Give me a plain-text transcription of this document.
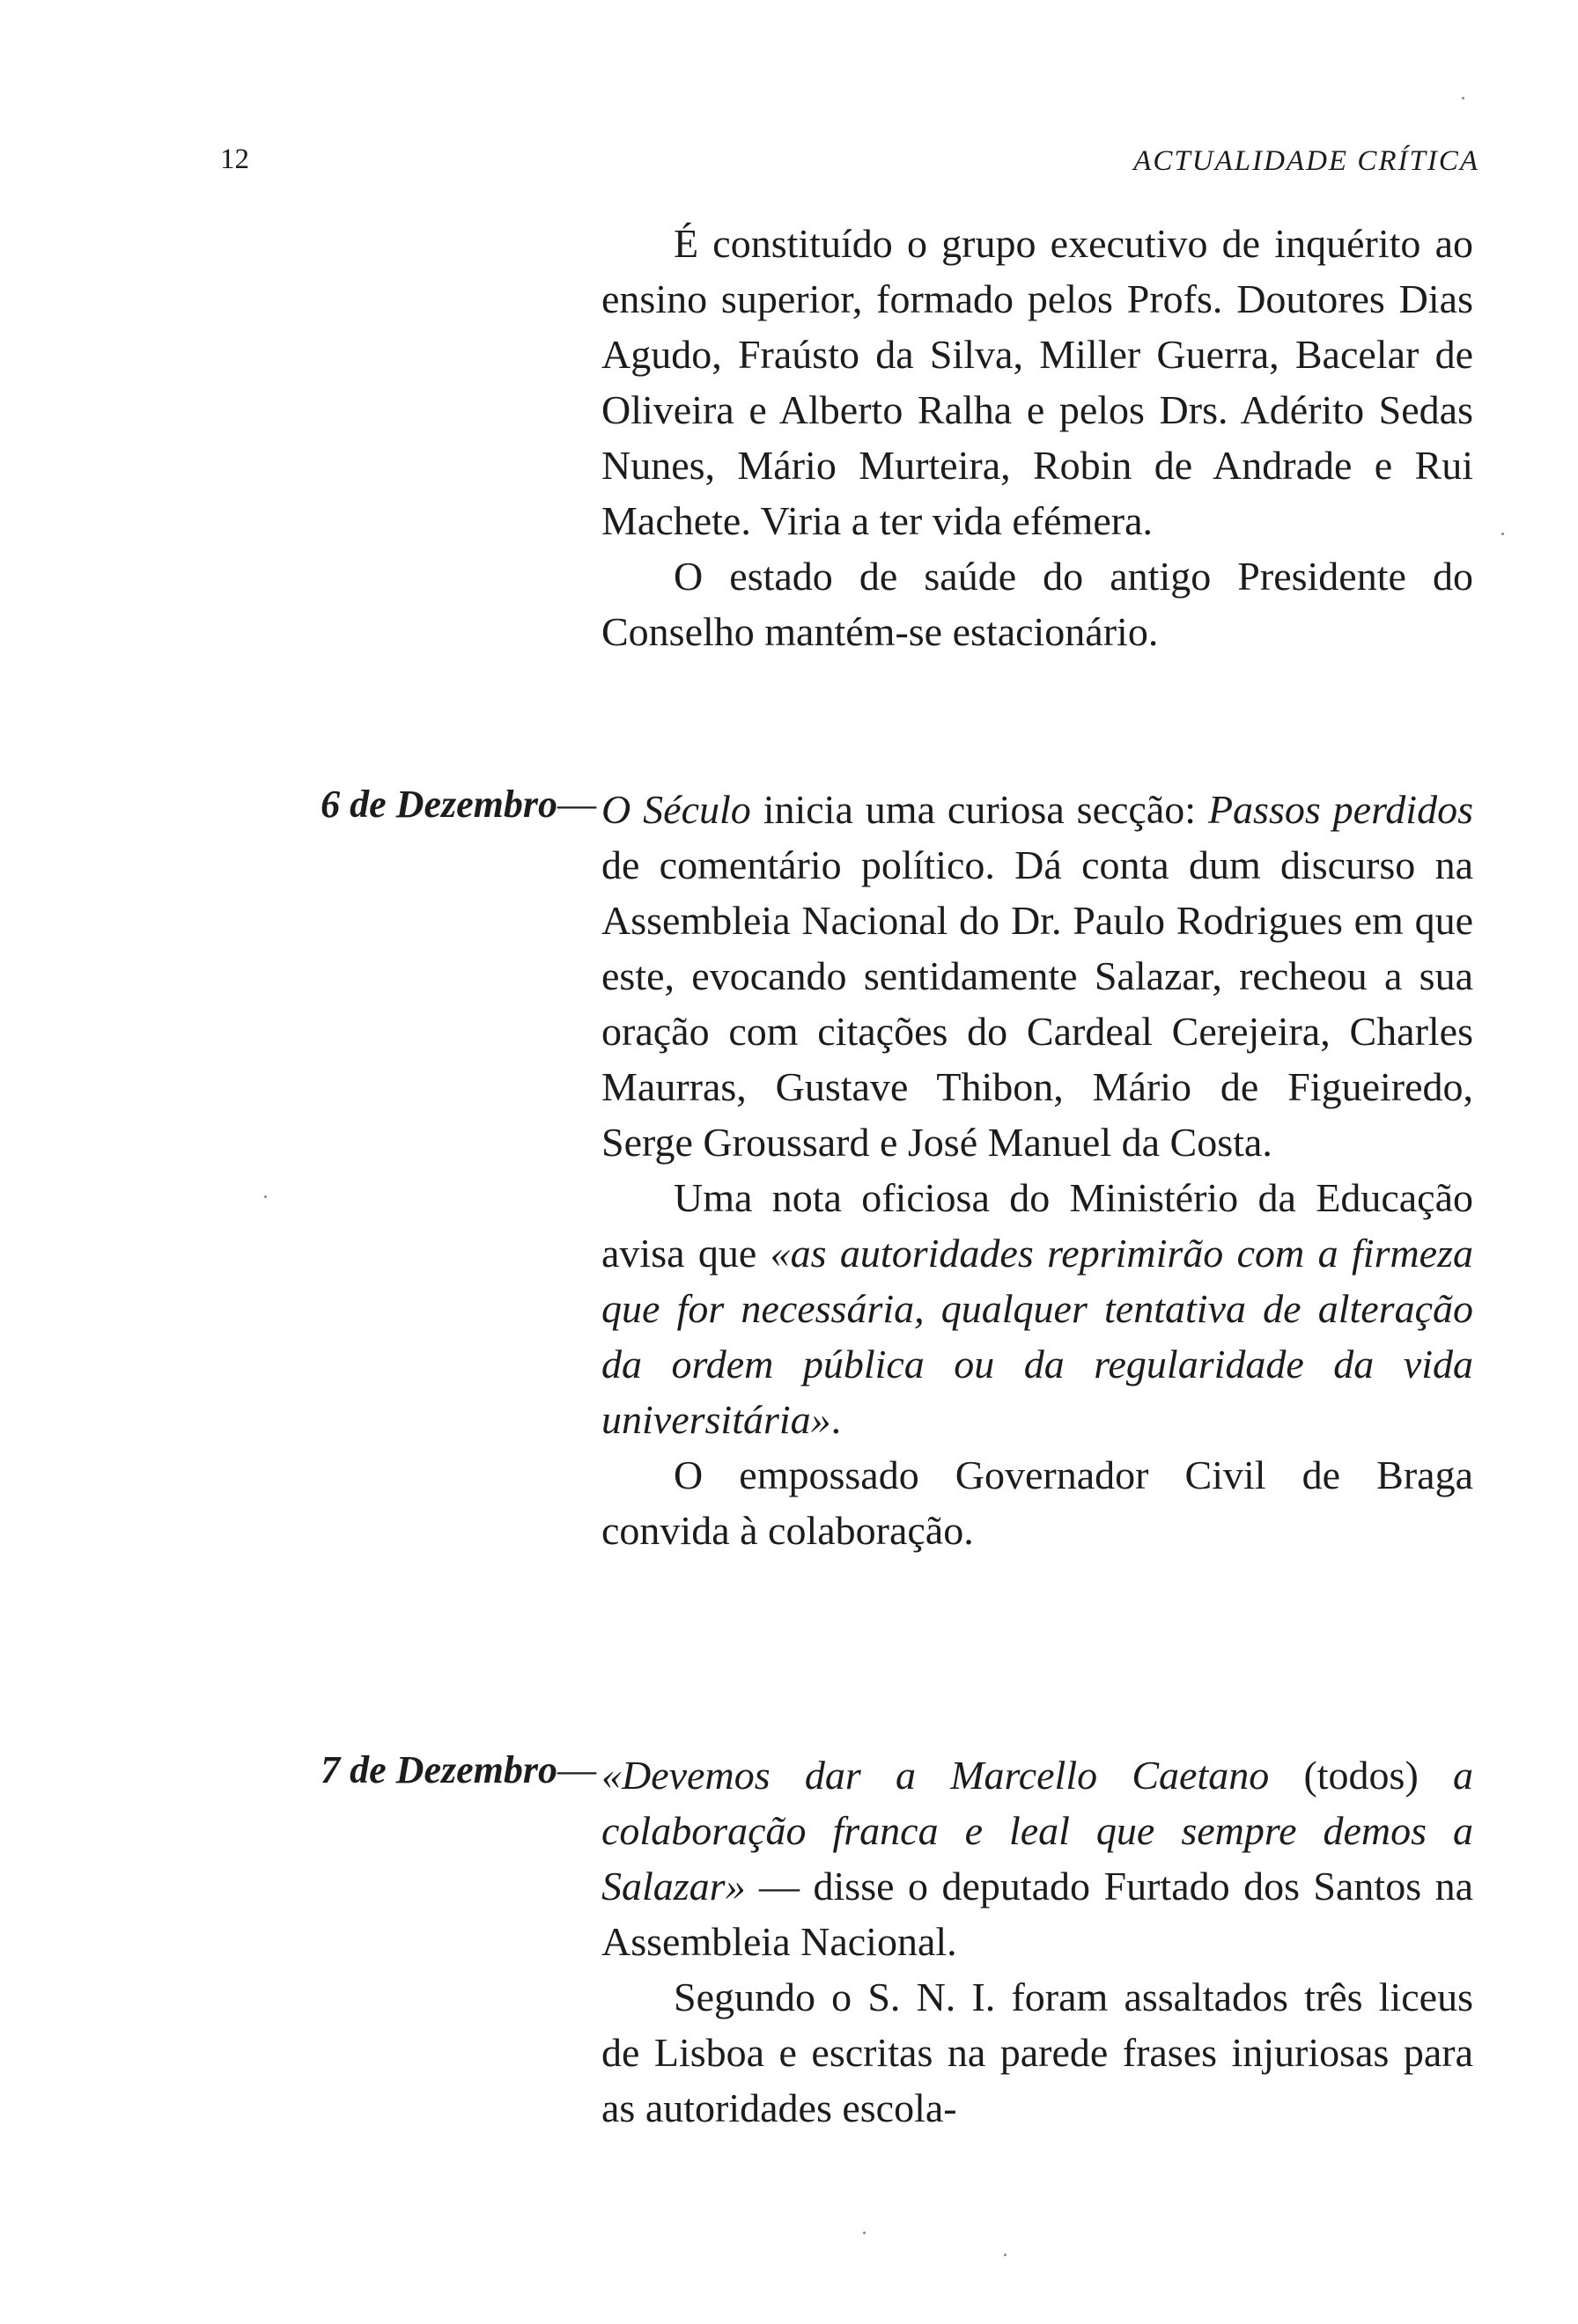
12	ACTUALIDADE CRÍTICA

É constituído o grupo executivo de inquérito ao ensino superior, formado pelos Profs. Doutores Dias Agudo, Fraústo da Silva, Miller Guerra, Bacelar de Oliveira e Alberto Ralha e pelos Drs. Adérito Sedas Nunes, Mário Murteira, Robin de Andrade e Rui Machete. Viria a ter vida efémera.

O estado de saúde do antigo Presidente do Conselho mantém-se estacionário.

6 de Dezembro— O Século inicia uma curiosa secção: Passos perdidos de comentário político. Dá conta dum discurso na Assembleia Nacional do Dr. Paulo Rodrigues em que este, evocando sentidamente Salazar, recheou a sua oração com citações do Cardeal Cerejeira, Charles Maurras, Gustave Thibon, Mário de Figueiredo, Serge Groussard e José Manuel da Costa.

Uma nota oficiosa do Ministério da Educação avisa que «as autoridades reprimirão com a firmeza que for necessária, qualquer tentativa de alteração da ordem pública ou da regularidade da vida universitária».

O empossado Governador Civil de Braga convida à colaboração.

7 de Dezembro— «Devemos dar a Marcello Caetano (todos) a colaboração franca e leal que sempre demos a Salazar» — disse o deputado Furtado dos Santos na Assembleia Nacional.

Segundo o S. N. I. foram assaltados três liceus de Lisboa e escritas na parede frases injuriosas para as autoridades escola-
